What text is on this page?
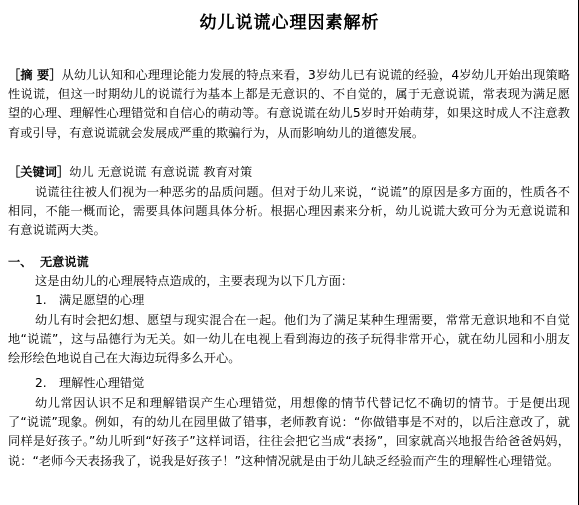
幼儿说谎心理因素解析
［摘 要］从幼儿认知和心理理论能力发展的特点来看，3岁幼儿已有说谎的经验，4岁幼儿开始出现策略性说谎，但这一时期幼儿的说谎行为基本上都是无意识的、不自觉的，属于无意说谎，常表现为满足愿望的心理、理解性心理错觉和自信心的萌动等。有意说谎在幼儿5岁时开始萌芽，如果这时成人不注意教育或引导，有意说谎就会发展成严重的欺骗行为，从而影响幼儿的道德发展。
［关键词］幼儿 无意说谎 有意说谎 教育对策
说谎往往被人们视为一种恶劣的品质问题。但对于幼儿来说，“说谎”的原因是多方面的，性质各不相同，不能一概而论，需要具体问题具体分析。根据心理因素来分析，幼儿说谎大致可分为无意说谎和有意说谎两大类。
一、 无意说谎
这是由幼儿的心理展特点造成的，主要表现为以下几方面：
1. 满足愿望的心理
幼儿有时会把幻想、愿望与现实混合在一起。他们为了满足某种生理需要，常常无意识地和不自觉地“说谎”，这与品德行为无关。如一幼儿在电视上看到海边的孩子玩得非常开心，就在幼儿园和小朋友绘形绘色地说自己在大海边玩得多么开心。
2. 理解性心理错觉
幼儿常因认识不足和理解错误产生心理错觉，用想像的情节代替记忆不确切的情节。于是便出现了“说谎”现象。例如，有的幼儿在园里做了错事，老师教育说：“你做错事是不对的，以后注意改了，就同样是好孩子。”幼儿听到“好孩子”这样词语，往往会把它当成“表扬”，回家就高兴地报告给爸爸妈妈，说：“老师今天表扬我了，说我是好孩子！”这种情况就是由于幼儿缺乏经验而产生的理解性心理错觉。
